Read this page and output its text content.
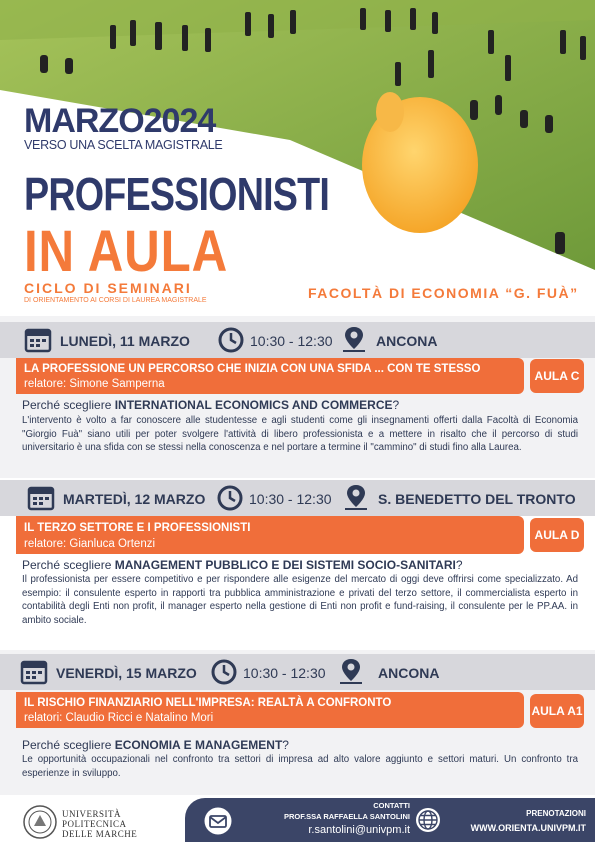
MARZO2024
VERSO UNA SCELTA MAGISTRALE
PROFESSIONISTI
IN AULA
CICLO DI SEMINARI
DI ORIENTAMENTO AI CORSI DI LAUREA MAGISTRALE	FACOLTÀ DI ECONOMIA “G. FUÀ”
LUNEDÌ, 11 MARZO	10:30 - 12:30	ANCONA
LA PROFESSIONE UN PERCORSO CHE INIZIA CON UNA SFIDA ... CON TE STESSO
relatore: Simone Samperna
AULA C
Perché scegliere INTERNATIONAL ECONOMICS AND COMMERCE?
L'intervento è volto a far conoscere alle studentesse e agli studenti come gli insegnamenti offerti dalla Facoltà di Economia "Giorgio Fuà" siano utili per poter svolgere l'attività di libero professionista e a mettere in risalto che il percorso di studi universitario è una sfida con se stessi nella conoscenza e nel portare a termine il "cammino" di studi fino alla Laurea.
MARTEDÌ, 12 MARZO	10:30 - 12:30	S. BENEDETTO DEL TRONTO
IL TERZO SETTORE E I PROFESSIONISTI
relatore: Gianluca Ortenzi
AULA D
Perché scegliere MANAGEMENT PUBBLICO E DEI SISTEMI SOCIO-SANITARI?
Il professionista per essere competitivo e per rispondere alle esigenze del mercato di oggi deve offrirsi come specializzato. Ad esempio: il consulente esperto in rapporti tra pubblica amministrazione e privati del terzo settore, il commercialista esperto in contabilità degli Enti non profit, il manager esperto nella gestione di Enti non profit e fund-raising, il consulente per le PP.AA. in ambito sociale.
VENERDÌ, 15 MARZO	10:30 - 12:30	ANCONA
IL RISCHIO FINANZIARIO NELL'IMPRESA: REALTÀ A CONFRONTO
relatori: Claudio Ricci e Natalino Mori	AULA A1
Perché scegliere ECONOMIA E MANAGEMENT?
Le opportunità occupazionali nel confronto tra settori di impresa ad alto valore aggiunto e settori maturi. Un confronto tra esperienze in sviluppo.
UNIVERSITÀ
POLITECNICA
DELLE MARCHE
CONTATTI
PROF.SSA RAFFAELLA SANTOLINI
r.santolini@univpm.it
PRENOTAZIONI
WWW.ORIENTA.UNIVPM.IT
